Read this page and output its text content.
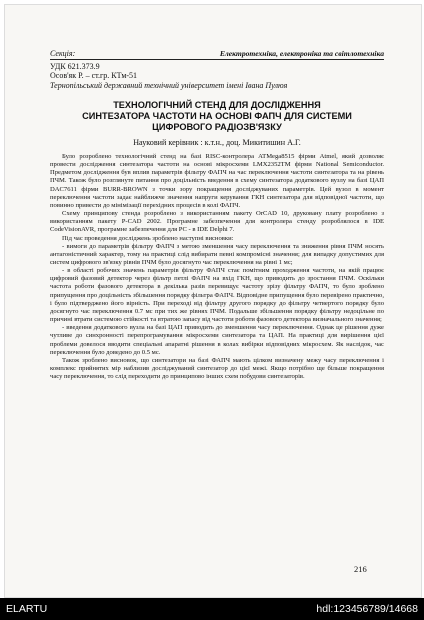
Секція:	Електротехніка, електроніка та світлотехніка
УДК 621.373.9
Осов'як Р. – ст.гр. КТм-51
Тернопільський державний технічний університет імені Івана Пулюя
ТЕХНОЛОГІЧНИЙ СТЕНД ДЛЯ ДОСЛІДЖЕННЯ
СИНТЕЗАТОРА ЧАСТОТИ НА ОСНОВІ ФАПЧ ДЛЯ СИСТЕМИ
ЦИФРОВОГО РАДІОЗВ'ЯЗКУ
Науковий керівник : к.т.н., доц. Микитишин А.Г.

Було розроблено технологічний стенд на базі RISC-контролера ATMega8515 фірми Atmel, який дозволяє провести дослідження синтезатора частоти на основі мікросхеми LMX2352TM фірми National Semiconductor. Предметом дослідження був вплив параметрів фільтру ФАПЧ на час переключення частоти синтезатора та на рівень ПЧМ. Також було розглянуте питання про доцільність введення в схему синтезатора додаткового вузлу на базі ЦАП DAC7611 фірми BURR-BROWN з точки зору покращення досліджуваних параметрів. Цей вузол в момент переключення частоти задає найближче значення напруги керування ГКН синтезатора для відповідної частоти, що повинно привести до мінімізації перехідних процесів в колі ФАПЧ.

Схему принципову стенда розроблено з використанням пакету OrCAD 10, друковану плату розроблено з використанням пакету P-CAD 2002. Програмне забезпечення для контролера стенду розроблялося в IDE CodeVisionAVR, програмне забезпечення для PC - в IDE Delphi 7.

Під час проведення досліджень зроблено наступні висновки:

- вимоги до параметрів фільтру ФАПЧ з метою зменшення часу переключення та зниження рівня ПЧМ носять антагоністичний характер, тому на практиці слід вибирати певні компромісні значення; для випадку допустимих для систем цифрового зв'язку рівнів ПЧМ було досягнуто час переключення на рівні 1 мс;

- в області робочих значень параметрів фільтру ФАПЧ стає помітним проходження частоти, на якій працює цифровий фазовий детектор через фільтр петлі ФАПЧ на вхід ГКН, що приводить до зростання ПЧМ. Оскільки частота роботи фазового детектора в декілька разів перевищує частоту зрізу фільтру ФАПЧ, то було зроблено припущення про доцільність збільшення порядку фільтра ФАПЧ. Відповідне припущення було перевірено практично, і було підтверджено його вірність. При переході від фільтру другого порядку до фільтру четвертого порядку було досягнуто час переключення 0.7 мс при тих же рівнях ПЧМ. Подальше збільшення порядку фільтру недоцільне по причині втрати системою стійкості та втратою запасу від частоти роботи фазового детектора визначального значення;

- введення додаткового вузла на базі ЦАП приводить до зменшення часу переключення. Однак це рішення дуже чутливе до синхронності перепрограмування мікросхеми синтезатора та ЦАП. На практиці для вирішення цієї проблеми довелося вводити спеціальні апаратні рішення в колах вибірки відповідних мікросхем. Як наслідок, час переключення було доведено до 0.5 мс.

Також зроблено висновок, що синтезатори на базі ФАПЧ мають цілком визначену межу часу переключення і комплекс прийнятих мір наблизив досліджуваний синтезатор до цієї межі. Якщо потрібно ще більше покращення часу переключення, то слід переходити до принципово інших схем побудови синтезаторів.

216
ELARTU	hdl:123456789/14668
